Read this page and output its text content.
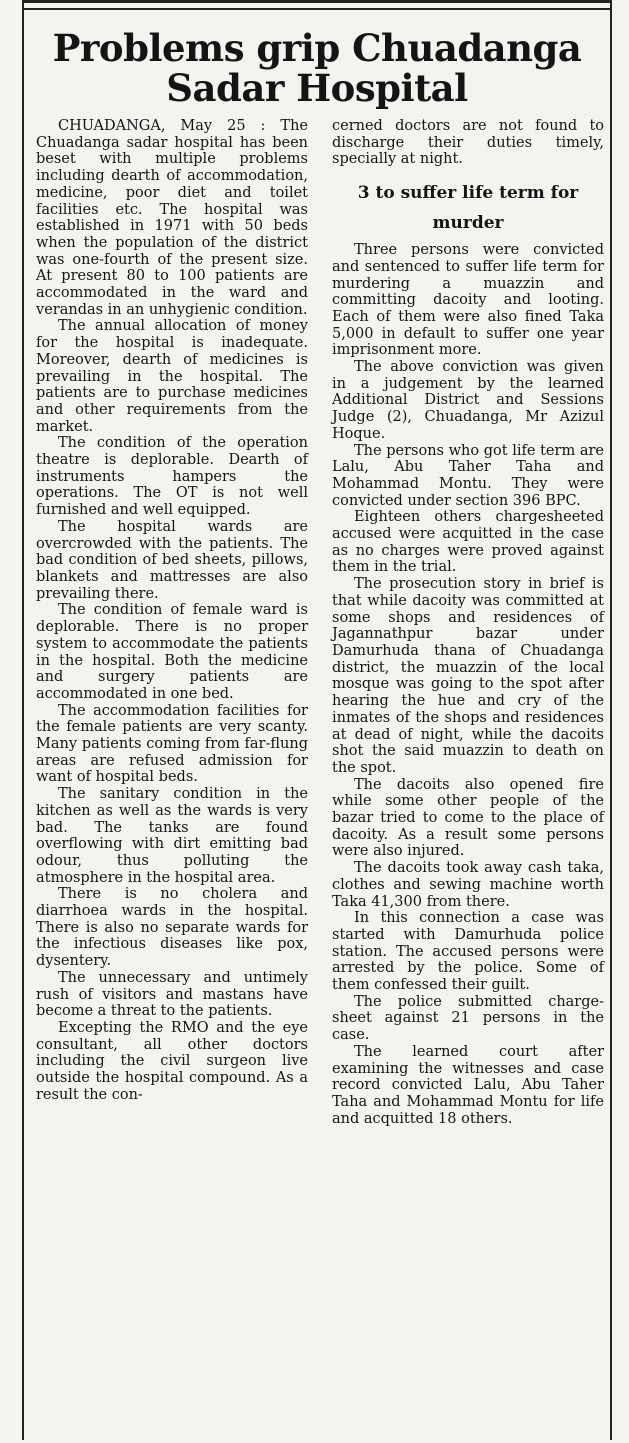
Problems grip Chuadanga Sadar Hospital

CHUADANGA, May 25 : The Chuadanga sadar hospital has been beset with multiple problems including dearth of accommodation, medicine, poor diet and toilet facilities etc. The hospital was established in 1971 with 50 beds when the population of the district was one-fourth of the present size. At present 80 to 100 patients are accommodated in the ward and verandas in an unhygienic condition.

The annual allocation of money for the hospital is inadequate. Moreover, dearth of medicines is prevailing in the hospital. The patients are to purchase medicines and other requirements from the market.

The condition of the operation theatre is deplorable. Dearth of instruments hampers the operations. The OT is not well furnished and well equipped.

The hospital wards are overcrowded with the patients. The bad condition of bed sheets, pillows, blankets and mattresses are also prevailing there.

The condition of female ward is deplorable. There is no proper system to accommodate the patients in the hospital. Both the medicine and surgery patients are accommodated in one bed.

The accommodation facilities for the female patients are very scanty. Many patients coming from far-flung areas are refused admission for want of hospital beds.

The sanitary condition in the kitchen as well as the wards is very bad. The tanks are found overflowing with dirt emitting bad odour, thus polluting the atmosphere in the hospital area.

There is no cholera and diarrhoea wards in the hospital. There is also no separate wards for the infectious diseases like pox, dysentery.

The unnecessary and untimely rush of visitors and mastans have become a threat to the patients.

Excepting the RMO and the eye consultant, all other doctors including the civil surgeon live outside the hospital compound. As a result the con-

cerned doctors are not found to discharge their duties timely, specially at night.

3 to suffer life term for murder

Three persons were convicted and sentenced to suffer life term for murdering a muazzin and committing dacoity and looting. Each of them were also fined Taka 5,000 in default to suffer one year imprisonment more.

The above conviction was given in a judgement by the learned Additional District and Sessions Judge (2), Chuadanga, Mr Azizul Hoque.

The persons who got life term are Lalu, Abu Taher Taha and Mohammad Montu. They were convicted under section 396 BPC.

Eighteen others chargesheeted accused were acquitted in the case as no charges were proved against them in the trial.

The prosecution story in brief is that while dacoity was committed at some shops and residences of Jagannathpur bazar under Damurhuda thana of Chuadanga district, the muazzin of the local mosque was going to the spot after hearing the hue and cry of the inmates of the shops and residences at dead of night, while the dacoits shot the said muazzin to death on the spot.

The dacoits also opened fire while some other people of the bazar tried to come to the place of dacoity. As a result some persons were also injured.

The dacoits took away cash taka, clothes and sewing machine worth Taka 41,300 from there.

In this connection a case was started with Damurhuda police station. The accused persons were arrested by the police. Some of them confessed their guilt.

The police submitted charge-sheet against 21 persons in the case.

The learned court after examining the witnesses and case record convicted Lalu, Abu Taher Taha and Mohammad Montu for life and acquitted 18 others.
